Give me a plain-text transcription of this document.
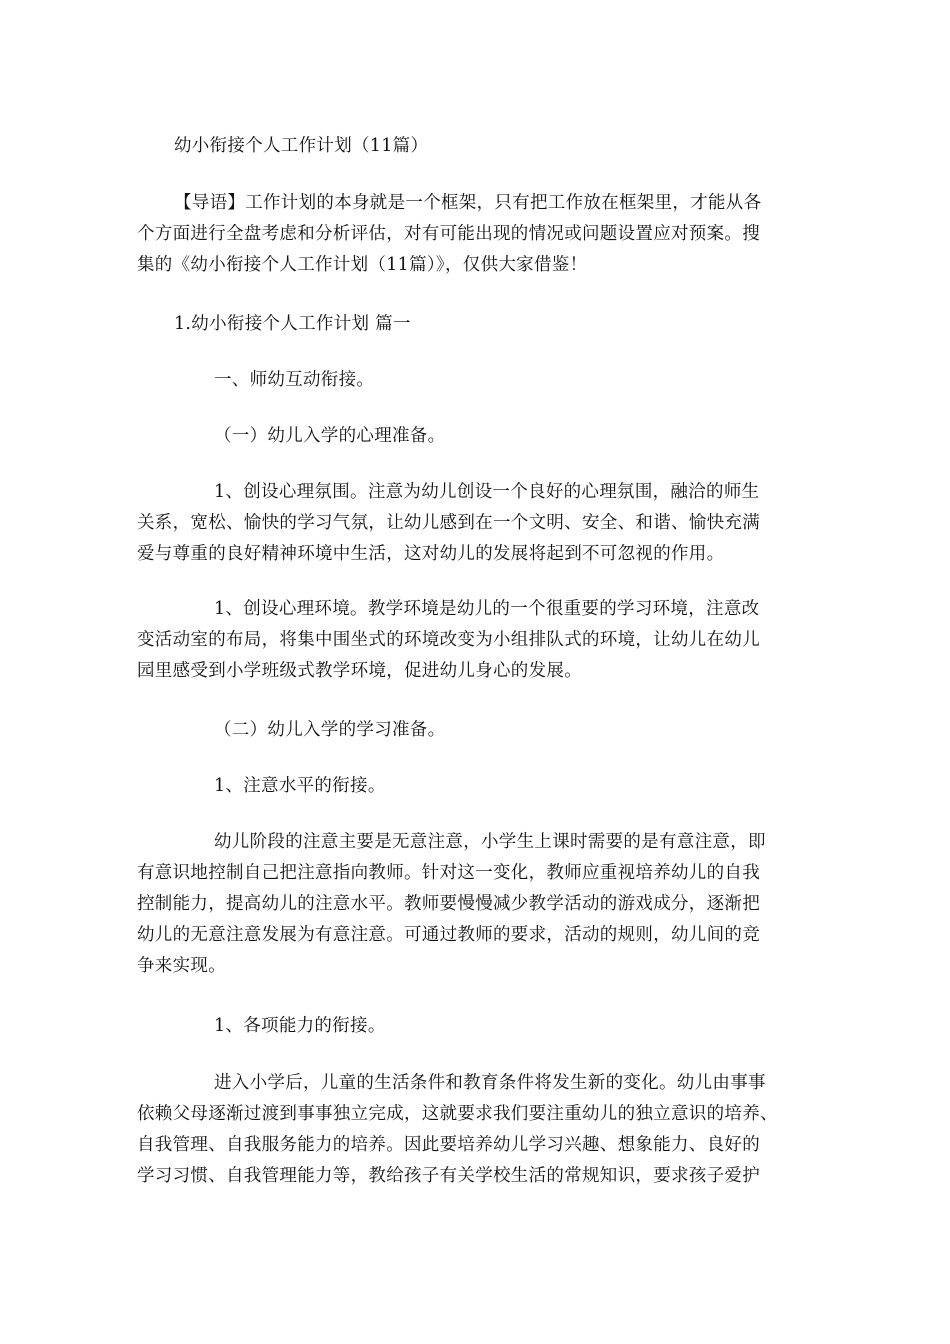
幼小衔接个人工作计划（11篇）
【导语】工作计划的本身就是一个框架，只有把工作放在框架里，才能从各
个方面进行全盘考虑和分析评估，对有可能出现的情况或问题设置应对预案。搜
集的《幼小衔接个人工作计划（11篇）》，仅供大家借鉴！
1.幼小衔接个人工作计划 篇一
一、师幼互动衔接。
（一）幼儿入学的心理准备。
1、创设心理氛围。注意为幼儿创设一个良好的心理氛围，融洽的师生
关系，宽松、愉快的学习气氛，让幼儿感到在一个文明、安全、和谐、愉快充满
爱与尊重的良好精神环境中生活，这对幼儿的发展将起到不可忽视的作用。
1、创设心理环境。教学环境是幼儿的一个很重要的学习环境，注意改
变活动室的布局，将集中围坐式的环境改变为小组排队式的环境，让幼儿在幼儿
园里感受到小学班级式教学环境，促进幼儿身心的发展。
（二）幼儿入学的学习准备。
1、注意水平的衔接。
幼儿阶段的注意主要是无意注意，小学生上课时需要的是有意注意，即
有意识地控制自己把注意指向教师。针对这一变化，教师应重视培养幼儿的自我
控制能力，提高幼儿的注意水平。教师要慢慢减少教学活动的游戏成分，逐渐把
幼儿的无意注意发展为有意注意。可通过教师的要求，活动的规则，幼儿间的竞
争来实现。
1、各项能力的衔接。
进入小学后，儿童的生活条件和教育条件将发生新的变化。幼儿由事事
依赖父母逐渐过渡到事事独立完成，这就要求我们要注重幼儿的独立意识的培养、
自我管理、自我服务能力的培养。因此要培养幼儿学习兴趣、想象能力、良好的
学习习惯、自我管理能力等，教给孩子有关学校生活的常规知识，要求孩子爱护
